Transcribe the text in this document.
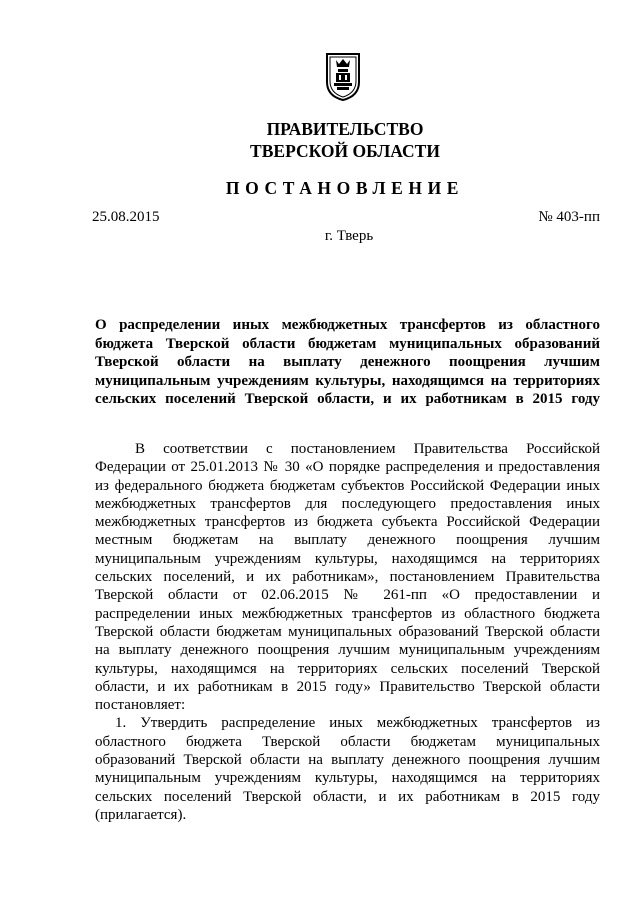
ПРАВИТЕЛЬСТВО
ТВЕРСКОЙ ОБЛАСТИ
ПОСТАНОВЛЕНИЕ
25.08.2015	№ 403-пп
г. Тверь
О распределении иных межбюджетных трансфертов из областного
бюджета Тверской области бюджетам муниципальных образований
Тверской области на выплату денежного поощрения лучшим
муниципальным учреждениям культуры, находящимся на территориях
сельских поселений Тверской области, и их работникам в 2015 году
В соответствии с постановлением Правительства Российской
Федерации от 25.01.2013 № 30 «О порядке распределения и предоставления
из федерального бюджета бюджетам субъектов Российской Федерации иных
межбюджетных трансфертов для последующего предоставления иных
межбюджетных трансфертов из бюджета субъекта Российской Федерации
местным бюджетам на выплату денежного поощрения лучшим
муниципальным учреждениям культуры, находящимся на территориях
сельских поселений, и их работникам», постановлением Правительства
Тверской области от 02.06.2015 № 261-пп «О предоставлении и
распределении иных межбюджетных трансфертов из областного бюджета
Тверской области бюджетам муниципальных образований Тверской области
на выплату денежного поощрения лучшим муниципальным учреждениям
культуры, находящимся на территориях сельских поселений Тверской
области, и их работникам в 2015 году» Правительство Тверской области
постановляет:
1. Утвердить распределение иных межбюджетных трансфертов из
областного бюджета Тверской области бюджетам муниципальных
образований Тверской области на выплату денежного поощрения лучшим
муниципальным учреждениям культуры, находящимся на территориях
сельских поселений Тверской области, и их работникам в 2015 году
(прилагается).
